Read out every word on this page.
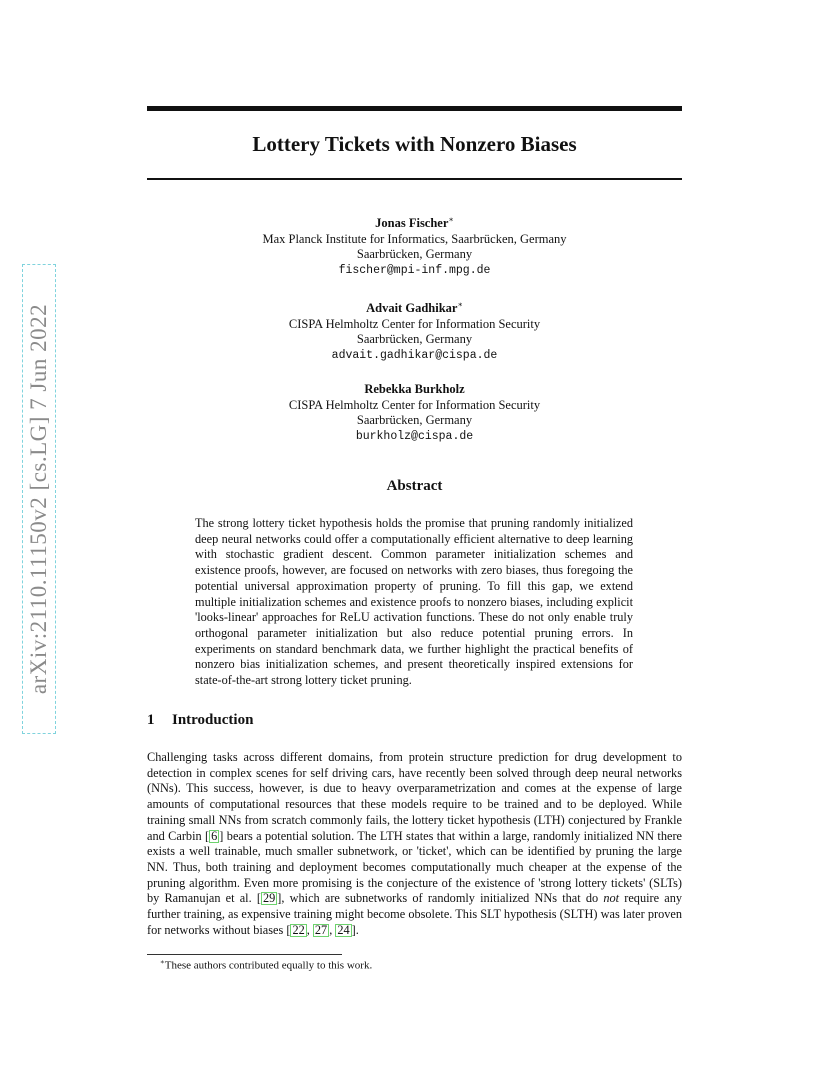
Lottery Tickets with Nonzero Biases
arXiv:2110.11150v2 [cs.LG] 7 Jun 2022
Jonas Fischer∗
Max Planck Institute for Informatics, Saarbrücken, Germany
Saarbrücken, Germany
fischer@mpi-inf.mpg.de
Advait Gadhikar∗
CISPA Helmholtz Center for Information Security
Saarbrücken, Germany
advait.gadhikar@cispa.de
Rebekka Burkholz
CISPA Helmholtz Center for Information Security
Saarbrücken, Germany
burkholz@cispa.de
Abstract

The strong lottery ticket hypothesis holds the promise that pruning randomly initialized deep neural networks could offer a computationally efficient alternative to deep learning with stochastic gradient descent. Common parameter initialization schemes and existence proofs, however, are focused on networks with zero biases, thus foregoing the potential universal approximation property of pruning. To fill this gap, we extend multiple initialization schemes and existence proofs to nonzero biases, including explicit 'looks-linear' approaches for ReLU activation functions. These do not only enable truly orthogonal parameter initialization but also reduce potential pruning errors. In experiments on standard benchmark data, we further highlight the practical benefits of nonzero bias initialization schemes, and present theoretically inspired extensions for state-of-the-art strong lottery ticket pruning.

1 Introduction

Challenging tasks across different domains, from protein structure prediction for drug development to detection in complex scenes for self driving cars, have recently been solved through deep neural networks (NNs). This success, however, is due to heavy overparametrization and comes at the expense of large amounts of computational resources that these models require to be trained and to be deployed. While training small NNs from scratch commonly fails, the lottery ticket hypothesis (LTH) conjectured by Frankle and Carbin [ 6 ] bears a potential solution. The LTH states that within a large, randomly initialized NN there exists a well trainable, much smaller subnetwork, or 'ticket', which can be identified by pruning the large NN. Thus, both training and deployment becomes computationally much cheaper at the expense of the pruning algorithm. Even more promising is the conjecture of the existence of 'strong lottery tickets' (SLTs) by Ramanujan et al. [ 29 ], which are subnetworks of randomly initialized NNs that do not require any further training, as expensive training might become obsolete. This SLT hypothesis (SLTH) was later proven for networks without biases [ 22 , 27 , 24 ].

∗These authors contributed equally to this work.
